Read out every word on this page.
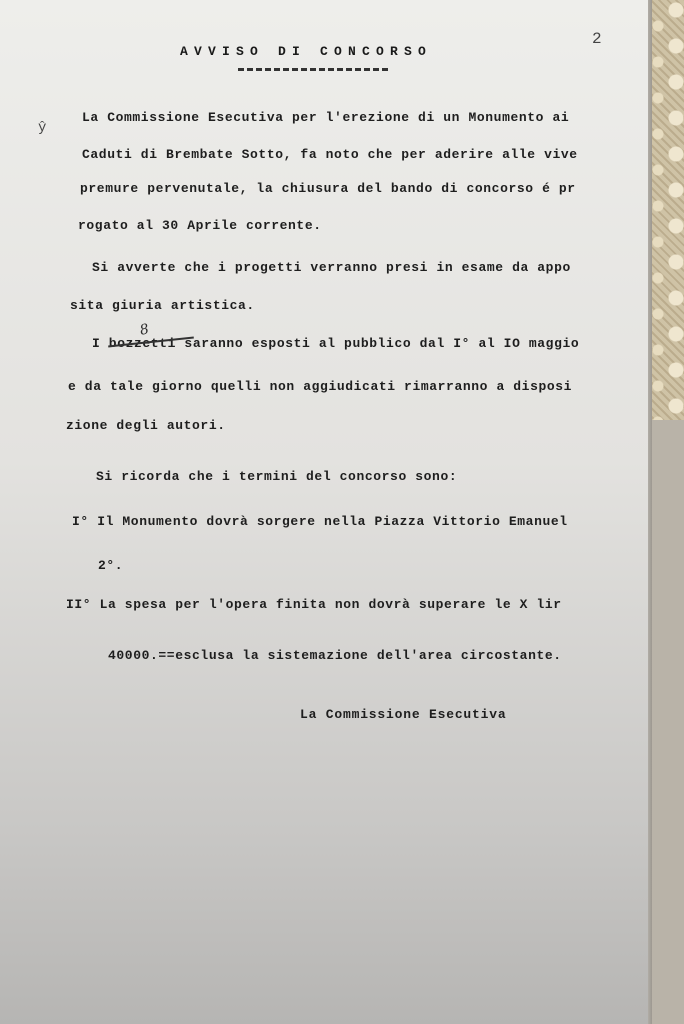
2
ŷ
AVVISO DI CONCORSO
La Commissione Esecutiva per l'erezione di un Monumento ai
Caduti di Brembate Sotto, fa noto che per aderire alle vive
premure pervenutale, la chiusura del bando di concorso é pr
rogato al 30 Aprile corrente.
Si avverte che i progetti verranno presi in esame da appo
sita giuria artistica.
I bozzetti saranno esposti al pubblico dal I° al IO maggio
8
e da tale giorno quelli non aggiudicati rimarranno a disposi
zione degli autori.
Si ricorda che i termini del concorso sono:
I° Il Monumento dovrà sorgere nella Piazza Vittorio Emanuel
2°.
II° La spesa per l'opera finita non dovrà superare le X lir
40000.==esclusa la sistemazione dell'area circostante.
La Commissione Esecutiva
